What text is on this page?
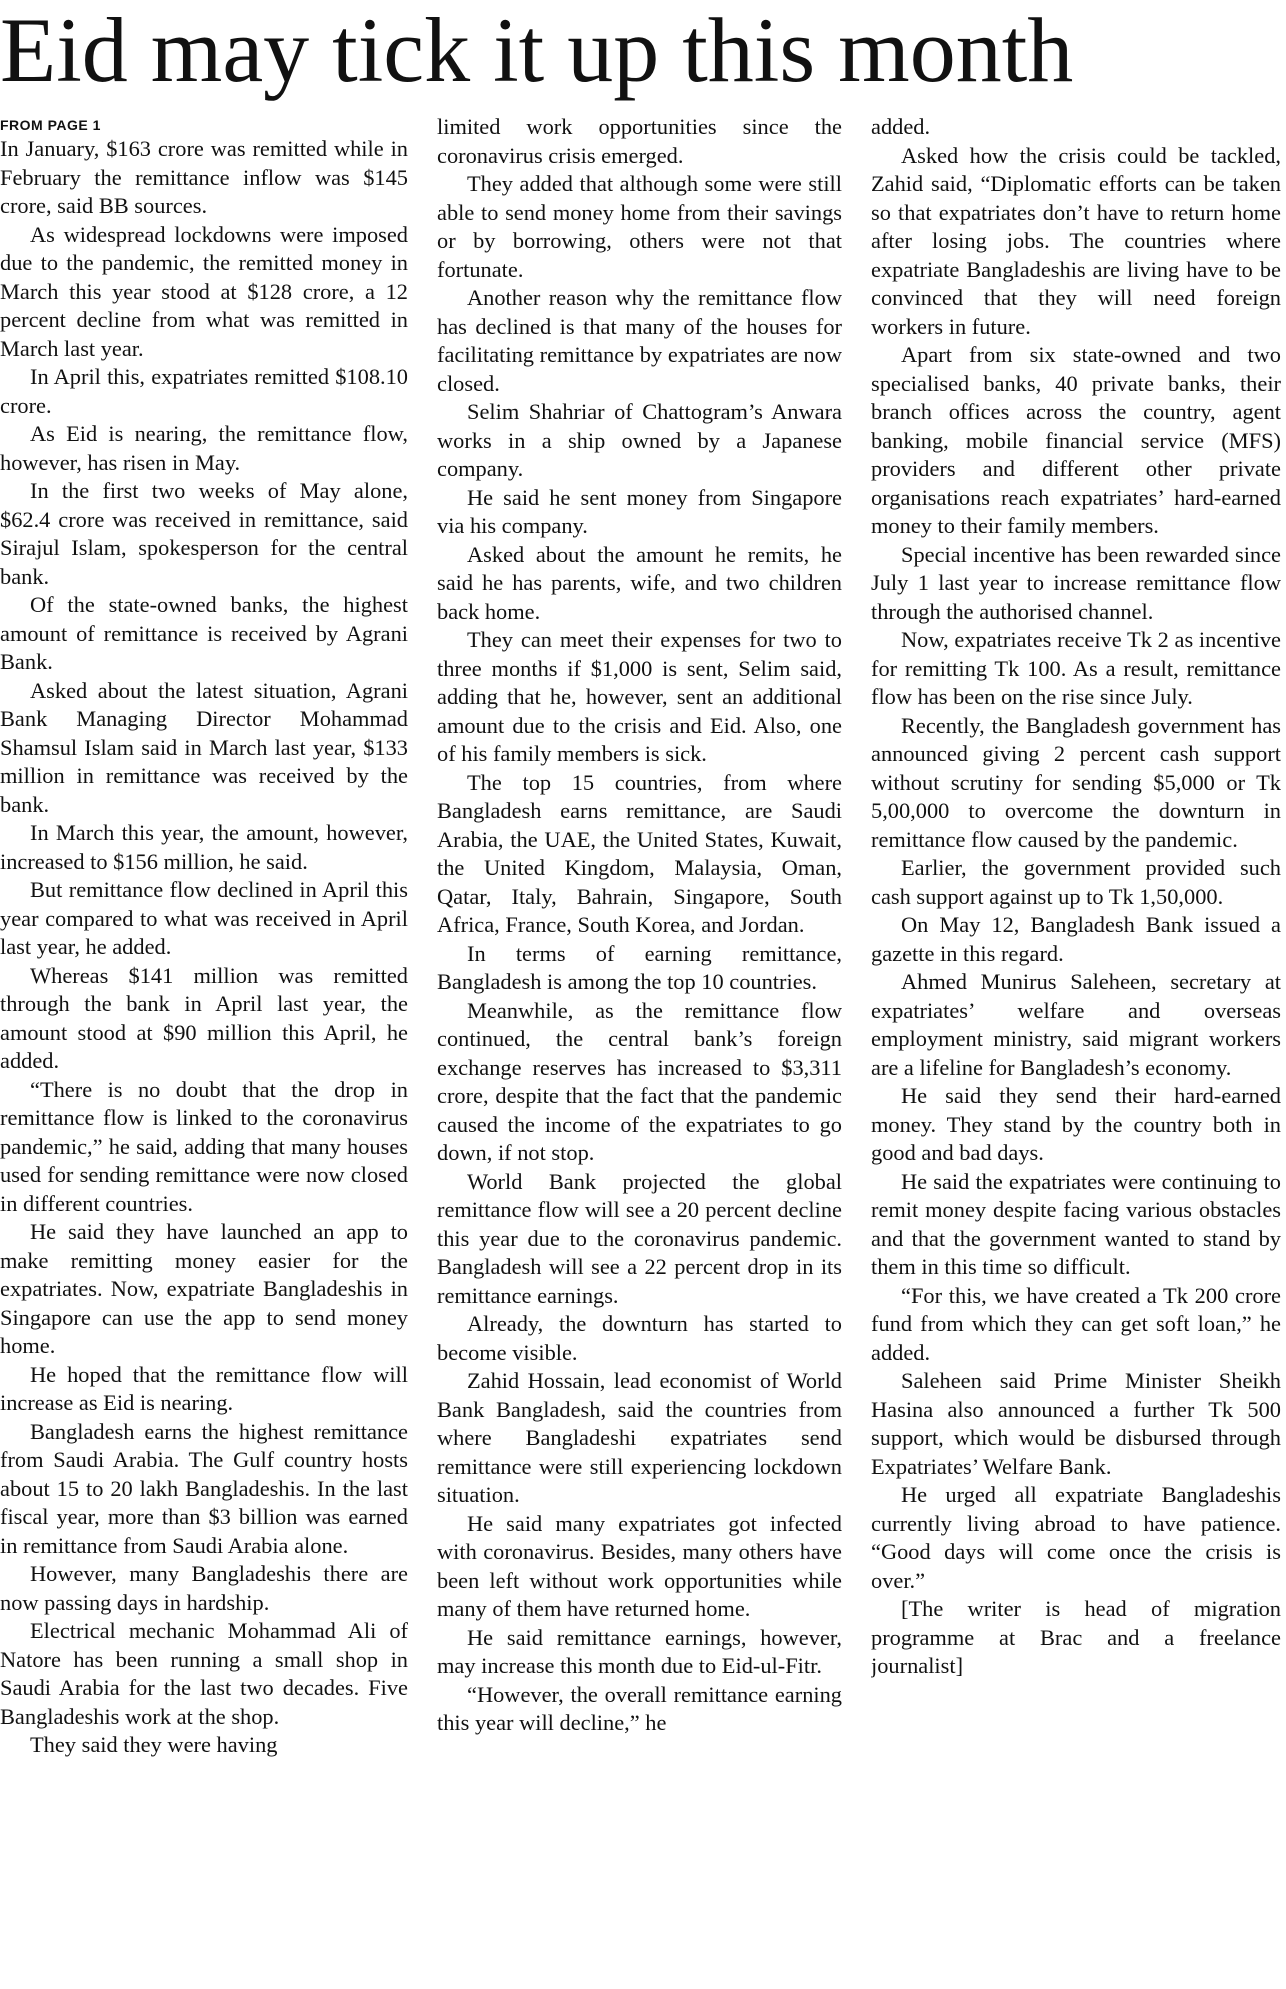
Eid may tick it up this month
FROM PAGE 1

In January, $163 crore was remitted while in February the remittance inflow was $145 crore, said BB sources.

As widespread lockdowns were imposed due to the pandemic, the remitted money in March this year stood at $128 crore, a 12 percent decline from what was remitted in March last year.

In April this, expatriates remitted $108.10 crore.

As Eid is nearing, the remittance flow, however, has risen in May.

In the first two weeks of May alone, $62.4 crore was received in remittance, said Sirajul Islam, spokesperson for the central bank.

Of the state-owned banks, the highest amount of remittance is received by Agrani Bank.

Asked about the latest situation, Agrani Bank Managing Director Mohammad Shamsul Islam said in March last year, $133 million in remittance was received by the bank.

In March this year, the amount, however, increased to $156 million, he said.

But remittance flow declined in April this year compared to what was received in April last year, he added.

Whereas $141 million was remitted through the bank in April last year, the amount stood at $90 million this April, he added.

“There is no doubt that the drop in remittance flow is linked to the coronavirus pandemic,” he said, adding that many houses used for sending remittance were now closed in different countries.

He said they have launched an app to make remitting money easier for the expatriates. Now, expatriate Bangladeshis in Singapore can use the app to send money home.

He hoped that the remittance flow will increase as Eid is nearing.

Bangladesh earns the highest remittance from Saudi Arabia. The Gulf country hosts about 15 to 20 lakh Bangladeshis. In the last fiscal year, more than $3 billion was earned in remittance from Saudi Arabia alone.

However, many Bangladeshis there are now passing days in hardship.

Electrical mechanic Mohammad Ali of Natore has been running a small shop in Saudi Arabia for the last two decades. Five Bangladeshis work at the shop.

They said they were having

limited work opportunities since the coronavirus crisis emerged.

They added that although some were still able to send money home from their savings or by borrowing, others were not that fortunate.

Another reason why the remittance flow has declined is that many of the houses for facilitating remittance by expatriates are now closed.

Selim Shahriar of Chattogram’s Anwara works in a ship owned by a Japanese company.

He said he sent money from Singapore via his company.

Asked about the amount he remits, he said he has parents, wife, and two children back home.

They can meet their expenses for two to three months if $1,000 is sent, Selim said, adding that he, however, sent an additional amount due to the crisis and Eid. Also, one of his family members is sick.

The top 15 countries, from where Bangladesh earns remittance, are Saudi Arabia, the UAE, the United States, Kuwait, the United Kingdom, Malaysia, Oman, Qatar, Italy, Bahrain, Singapore, South Africa, France, South Korea, and Jordan.

In terms of earning remittance, Bangladesh is among the top 10 countries.

Meanwhile, as the remittance flow continued, the central bank’s foreign exchange reserves has increased to $3,311 crore, despite that the fact that the pandemic caused the income of the expatriates to go down, if not stop.

World Bank projected the global remittance flow will see a 20 percent decline this year due to the coronavirus pandemic. Bangladesh will see a 22 percent drop in its remittance earnings.

Already, the downturn has started to become visible.

Zahid Hossain, lead economist of World Bank Bangladesh, said the countries from where Bangladeshi expatriates send remittance were still experiencing lockdown situation.

He said many expatriates got infected with coronavirus. Besides, many others have been left without work opportunities while many of them have returned home.

He said remittance earnings, however, may increase this month due to Eid-ul-Fitr.

“However, the overall remittance earning this year will decline,” he

added.

Asked how the crisis could be tackled, Zahid said, “Diplomatic efforts can be taken so that expatriates don’t have to return home after losing jobs. The countries where expatriate Bangladeshis are living have to be convinced that they will need foreign workers in future.

Apart from six state-owned and two specialised banks, 40 private banks, their branch offices across the country, agent banking, mobile financial service (MFS) providers and different other private organisations reach expatriates’ hard-earned money to their family members.

Special incentive has been rewarded since July 1 last year to increase remittance flow through the authorised channel.

Now, expatriates receive Tk 2 as incentive for remitting Tk 100. As a result, remittance flow has been on the rise since July.

Recently, the Bangladesh government has announced giving 2 percent cash support without scrutiny for sending $5,000 or Tk 5,00,000 to overcome the downturn in remittance flow caused by the pandemic.

Earlier, the government provided such cash support against up to Tk 1,50,000.

On May 12, Bangladesh Bank issued a gazette in this regard.

Ahmed Munirus Saleheen, secretary at expatriates’ welfare and overseas employment ministry, said migrant workers are a lifeline for Bangladesh’s economy.

He said they send their hard-earned money. They stand by the country both in good and bad days.

He said the expatriates were continuing to remit money despite facing various obstacles and that the government wanted to stand by them in this time so difficult.

“For this, we have created a Tk 200 crore fund from which they can get soft loan,” he added.

Saleheen said Prime Minister Sheikh Hasina also announced a further Tk 500 support, which would be disbursed through Expatriates’ Welfare Bank.

He urged all expatriate Bangladeshis currently living abroad to have patience. “Good days will come once the crisis is over.”

[The writer is head of migration programme at Brac and a freelance journalist]
